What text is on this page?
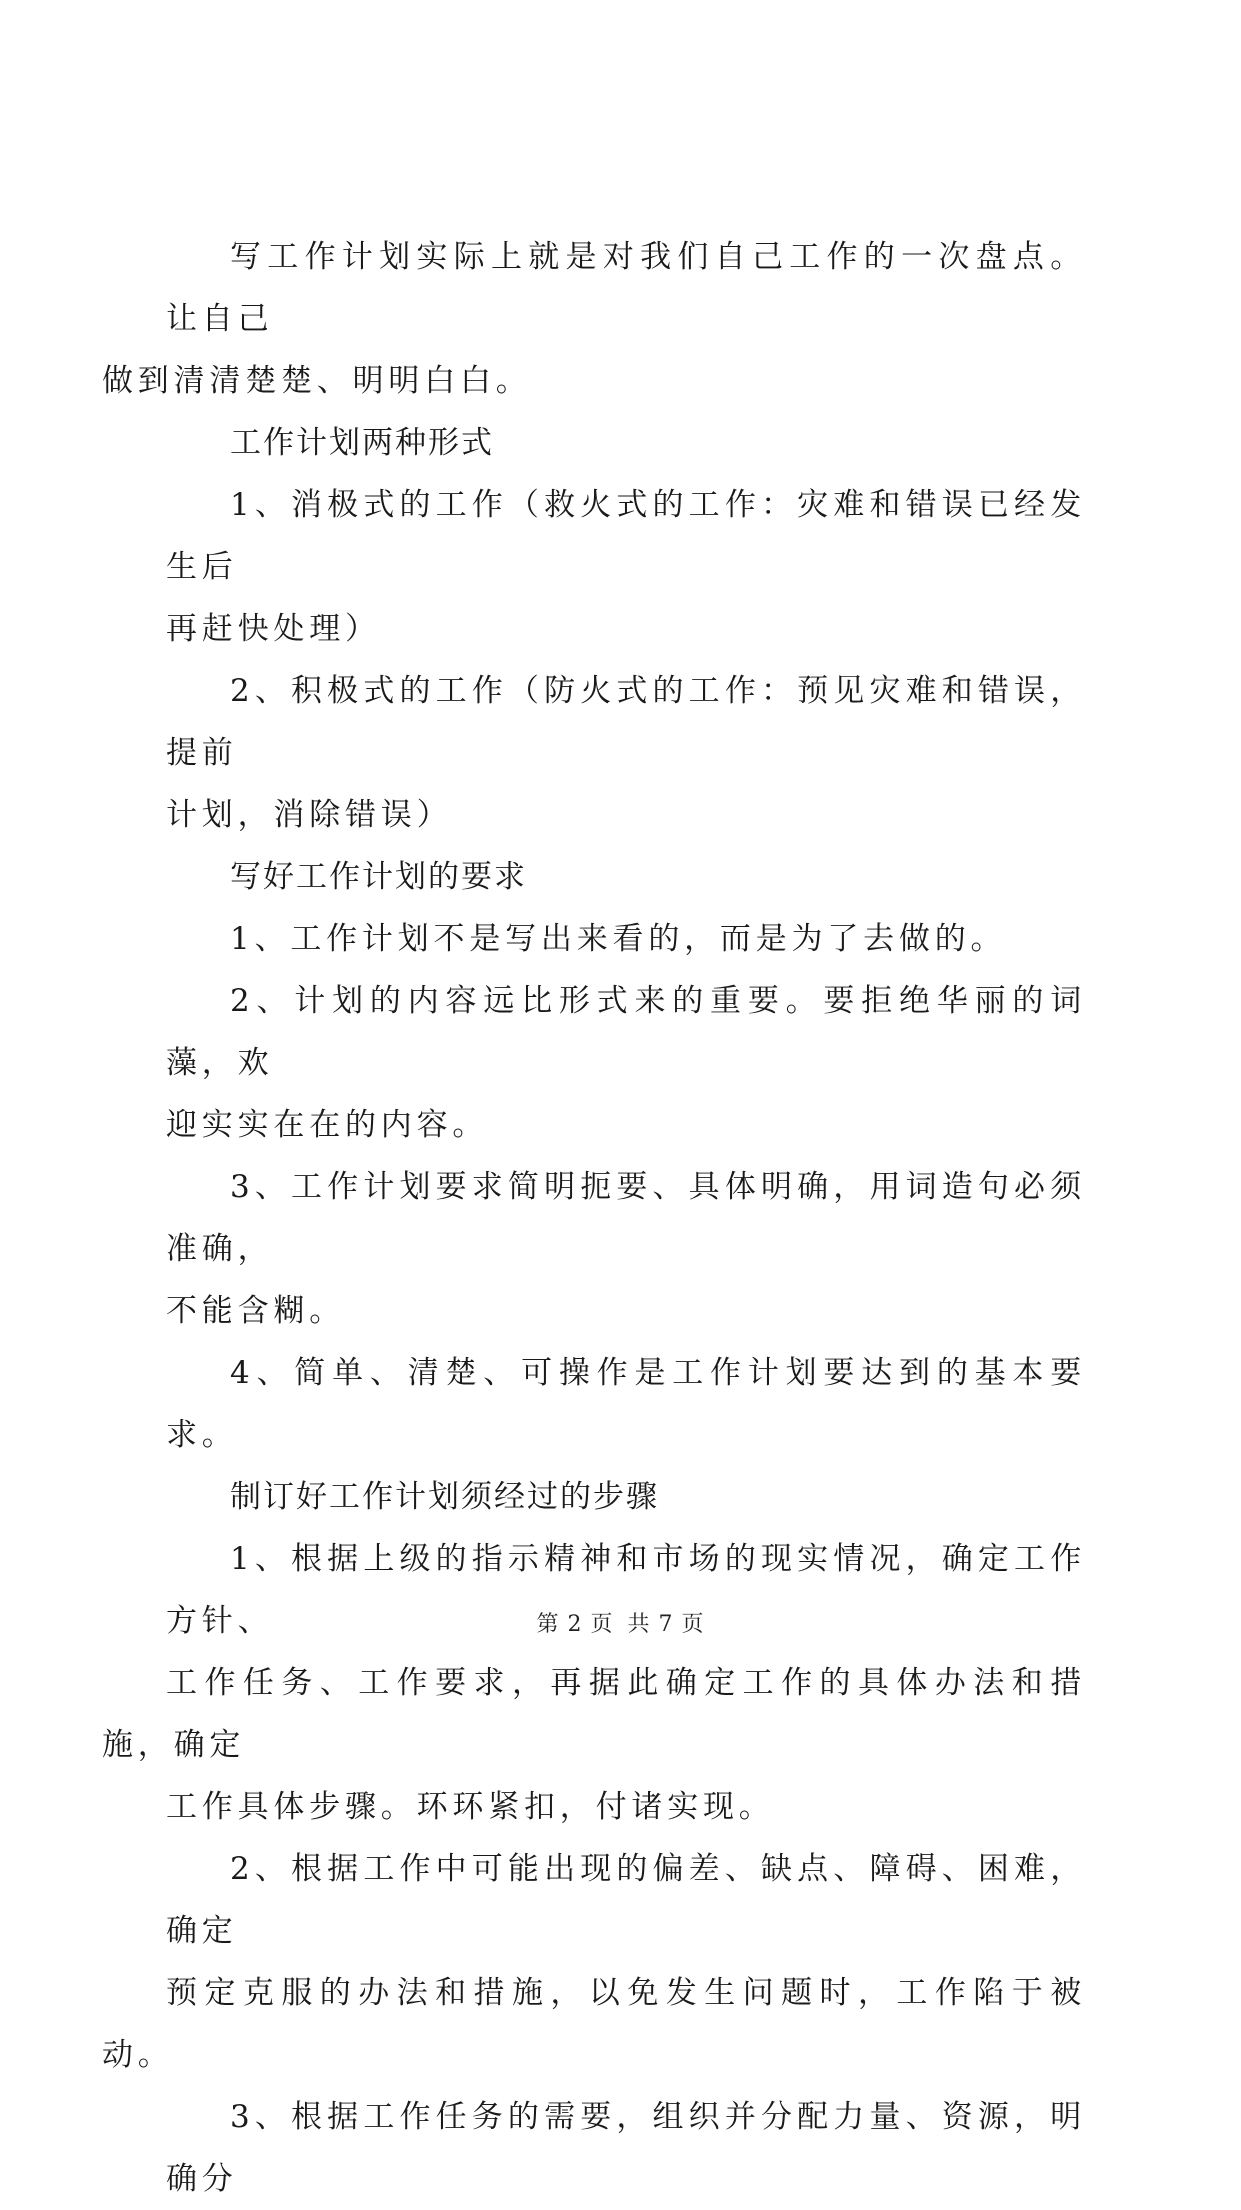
写工作计划实际上就是对我们自己工作的一次盘点。让自己
做到清清楚楚、明明白白。

工作计划两种形式

1、消极式的工作（救火式的工作：灾难和错误已经发生后
再赶快处理）

2、积极式的工作（防火式的工作：预见灾难和错误，提前
计划，消除错误）

写好工作计划的要求

1、工作计划不是写出来看的，而是为了去做的。

2、计划的内容远比形式来的重要。要拒绝华丽的词藻，欢
迎实实在在的内容。

3、工作计划要求简明扼要、具体明确，用词造句必须准确，
不能含糊。

4、简单、清楚、可操作是工作计划要达到的基本要求。

制订好工作计划须经过的步骤

1、根据上级的指示精神和市场的现实情况，确定工作方针、
工作任务、工作要求，再据此确定工作的具体办法和措施，确定
工作具体步骤。环环紧扣，付诸实现。

2、根据工作中可能出现的偏差、缺点、障碍、困难，确定
预定克服的办法和措施，以免发生问题时，工作陷于被动。

3、根据工作任务的需要，组织并分配力量、资源，明确分

第 2 页 共 7 页
